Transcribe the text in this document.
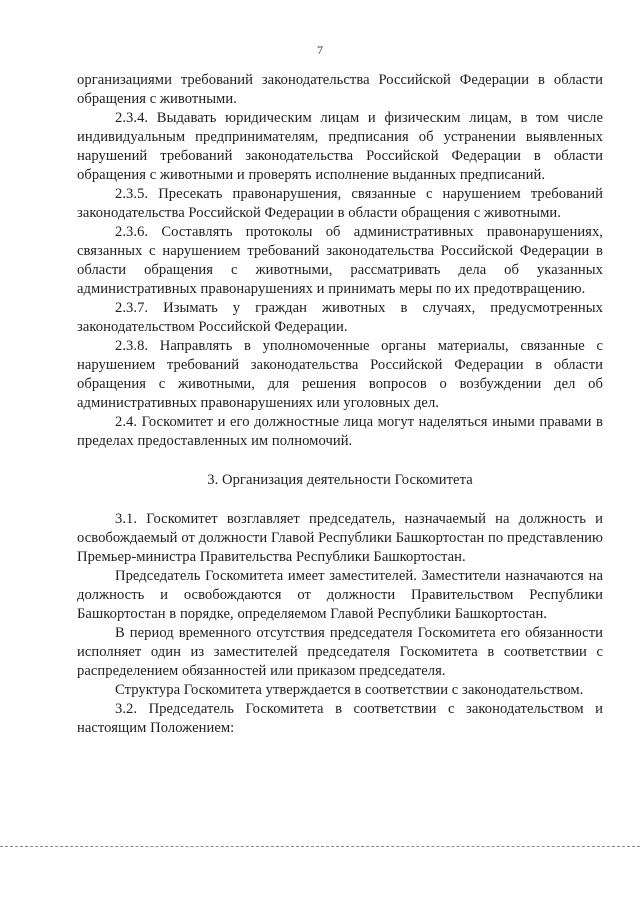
7

организациями требований законодательства Российской Федерации в области обращения с животными.

2.3.4. Выдавать юридическим лицам и физическим лицам, в том числе индивидуальным предпринимателям, предписания об устранении выявленных нарушений требований законодательства Российской Федерации в области обращения с животными и проверять исполнение выданных предписаний.

2.3.5. Пресекать правонарушения, связанные с нарушением требований законодательства Российской Федерации в области обращения с животными.

2.3.6. Составлять протоколы об административных правонарушениях, связанных с нарушением требований законодательства Российской Федерации в области обращения с животными, рассматривать дела об указанных административных правонарушениях и принимать меры по их предотвращению.

2.3.7. Изымать у граждан животных в случаях, предусмотренных законодательством Российской Федерации.

2.3.8. Направлять в уполномоченные органы материалы, связанные с нарушением требований законодательства Российской Федерации в области обращения с животными, для решения вопросов о возбуждении дел об административных правонарушениях или уголовных дел.

2.4. Госкомитет и его должностные лица могут наделяться иными правами в пределах предоставленных им полномочий.

3. Организация деятельности Госкомитета

3.1. Госкомитет возглавляет председатель, назначаемый на должность и освобождаемый от должности Главой Республики Башкортостан по представлению Премьер-министра Правительства Республики Башкортостан.

Председатель Госкомитета имеет заместителей. Заместители назначаются на должность и освобождаются от должности Правительством Республики Башкортостан в порядке, определяемом Главой Республики Башкортостан.

В период временного отсутствия председателя Госкомитета его обязанности исполняет один из заместителей председателя Госкомитета в соответствии с распределением обязанностей или приказом председателя.

Структура Госкомитета утверждается в соответствии с законодательством.

3.2. Председатель Госкомитета в соответствии с законодательством и настоящим Положением:
